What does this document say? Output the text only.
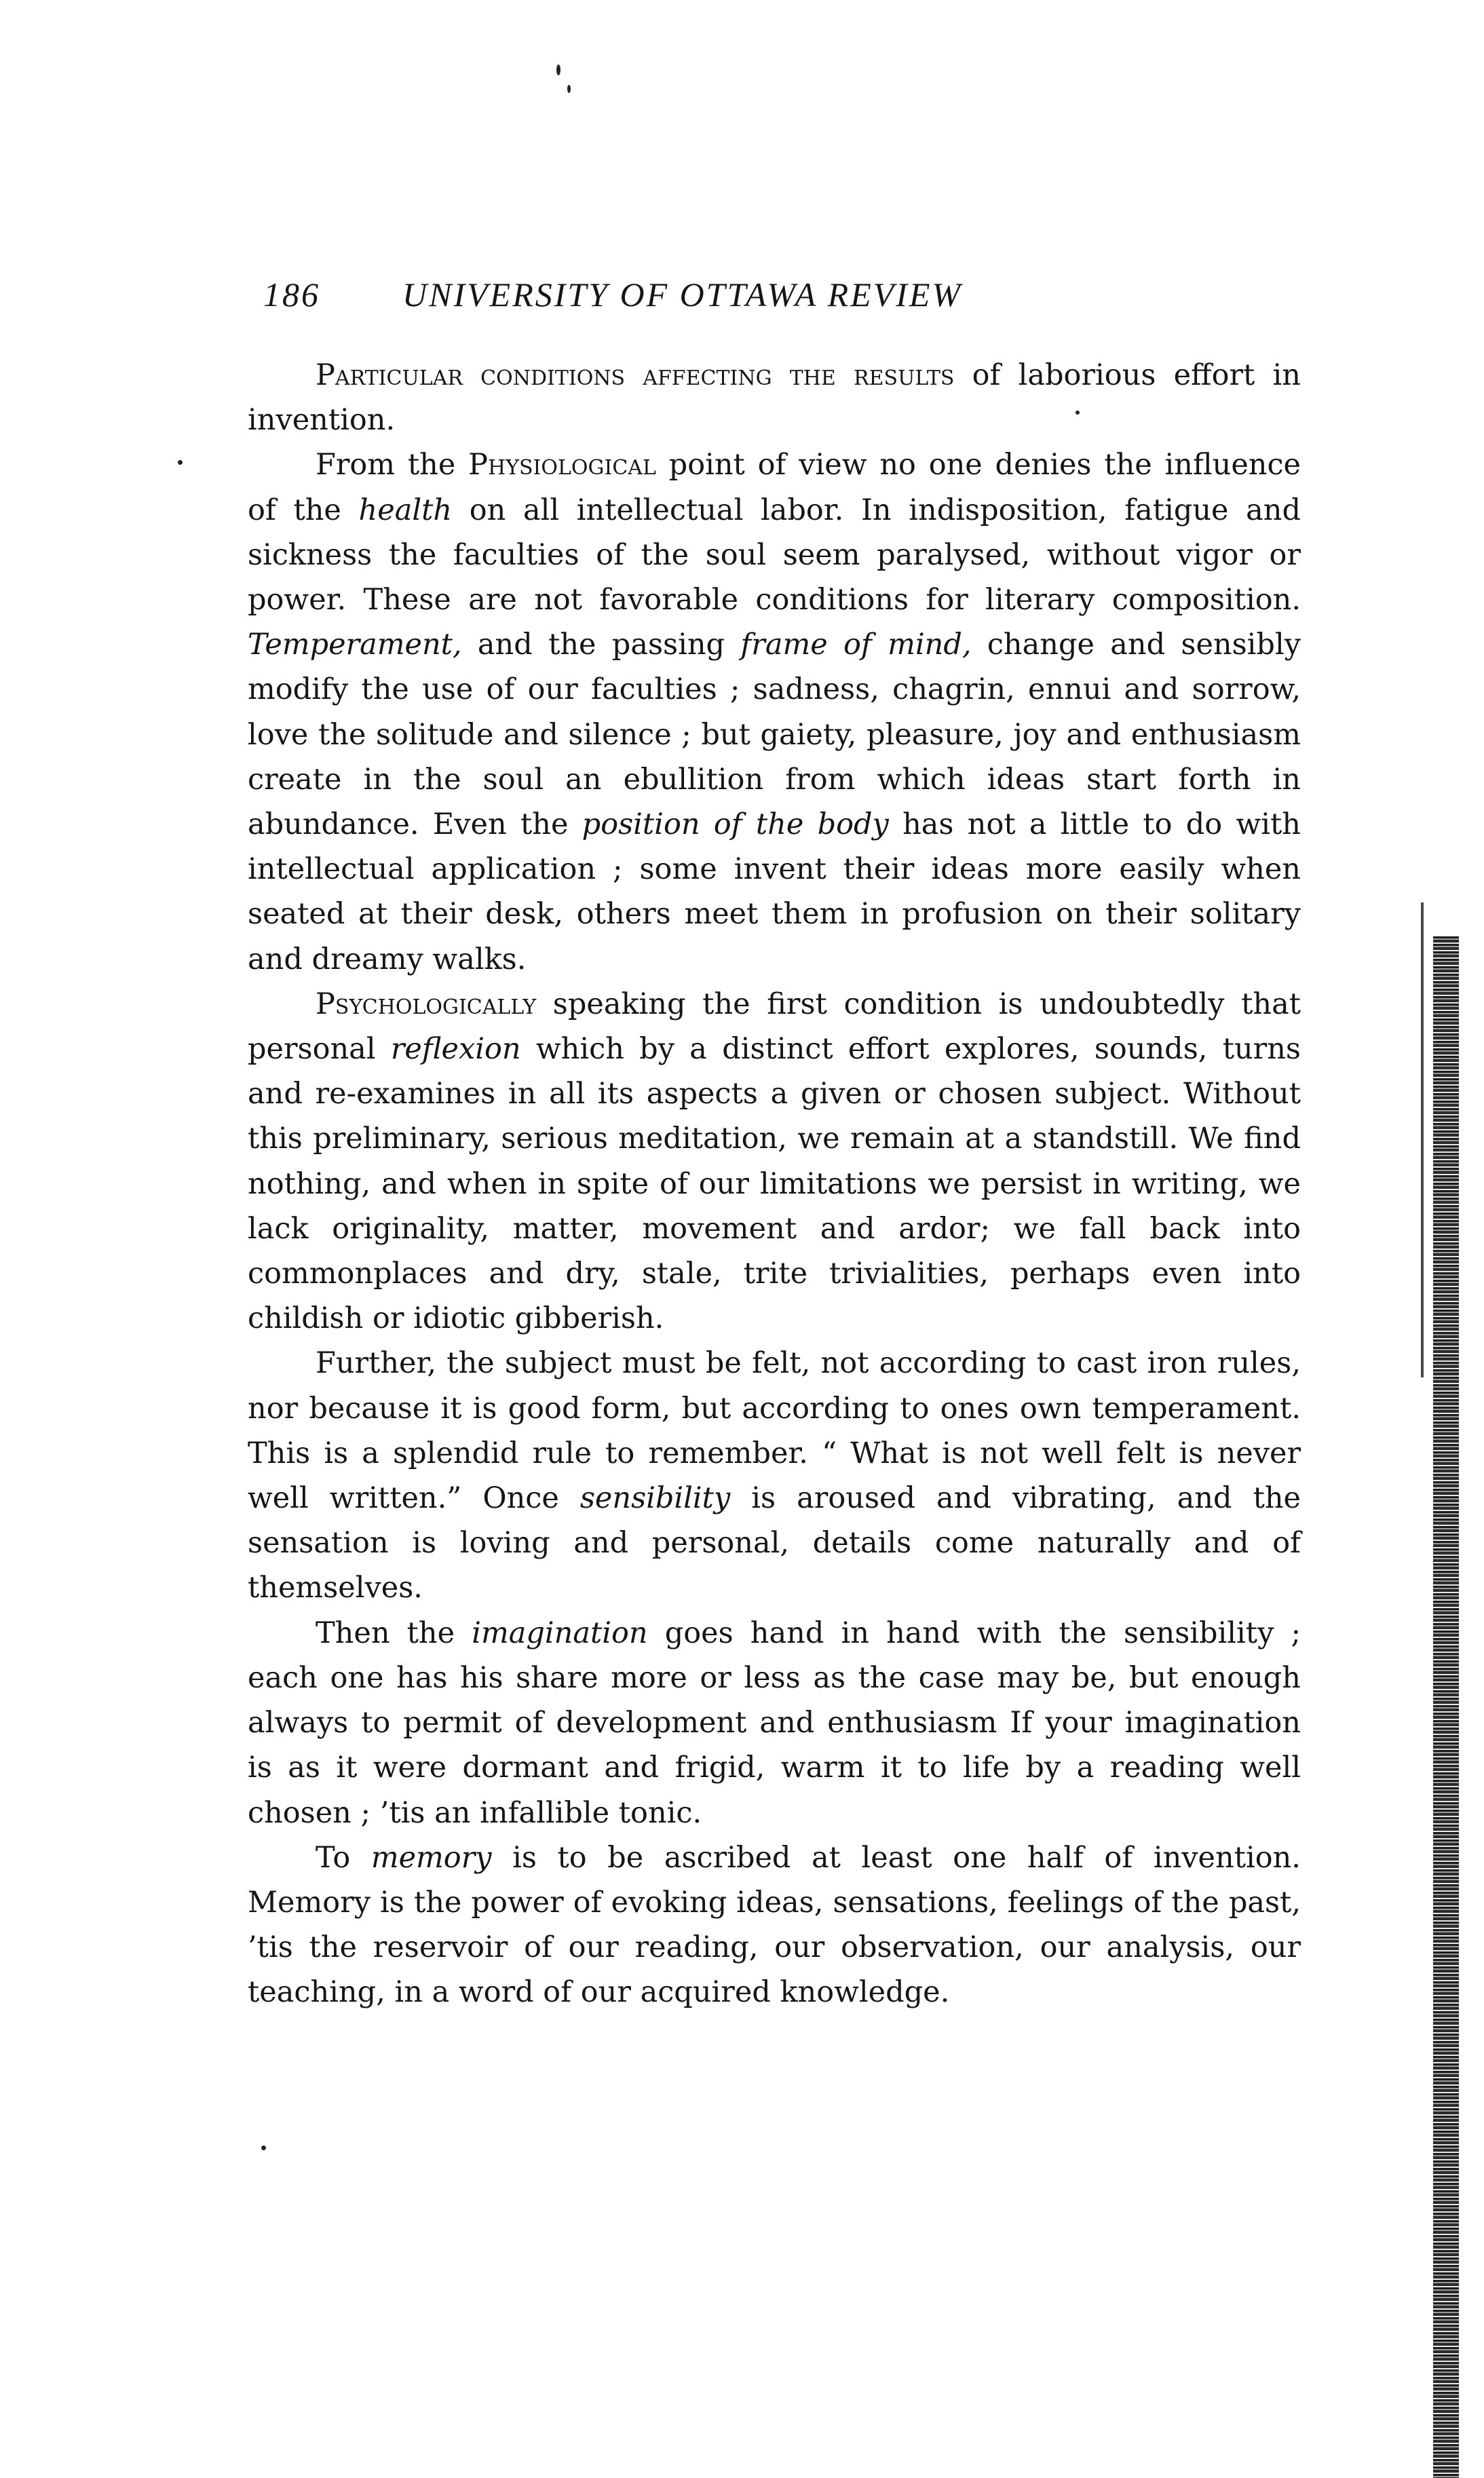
186 UNIVERSITY OF OTTAWA REVIEW

Particular conditions affecting the results of laborious effort in invention.

From the Physiological point of view no one denies the influence of the health on all intellectual labor. In indisposition, fatigue and sickness the faculties of the soul seem paralysed, without vigor or power. These are not favorable conditions for literary composition. Temperament, and the passing frame of mind, change and sensibly modify the use of our faculties ; sadness, chagrin, ennui and sorrow, love the solitude and silence ; but gaiety, pleasure, joy and enthusiasm create in the soul an ebullition from which ideas start forth in abundance. Even the position of the body has not a little to do with intellectual application ; some invent their ideas more easily when seated at their desk, others meet them in profusion on their solitary and dreamy walks.

Psychologically speaking the first condition is undoubtedly that personal reflexion which by a distinct effort explores, sounds, turns and re-examines in all its aspects a given or chosen subject. Without this preliminary, serious meditation, we remain at a standstill. We find nothing, and when in spite of our limitations we persist in writing, we lack originality, matter, movement and ardor; we fall back into commonplaces and dry, stale, trite trivialities, perhaps even into childish or idiotic gibberish.

Further, the subject must be felt, not according to cast iron rules, nor because it is good form, but according to ones own temperament. This is a splendid rule to remember. “ What is not well felt is never well written.” Once sensibility is aroused and vibrating, and the sensation is loving and personal, details come naturally and of themselves.

Then the imagination goes hand in hand with the sensibility ; each one has his share more or less as the case may be, but enough always to permit of development and enthusiasm If your imagination is as it were dormant and frigid, warm it to life by a reading well chosen ; ’tis an infallible tonic.

To memory is to be ascribed at least one half of invention. Memory is the power of evoking ideas, sensations, feelings of the past, ’tis the reservoir of our reading, our observation, our analysis, our teaching, in a word of our acquired knowledge.
